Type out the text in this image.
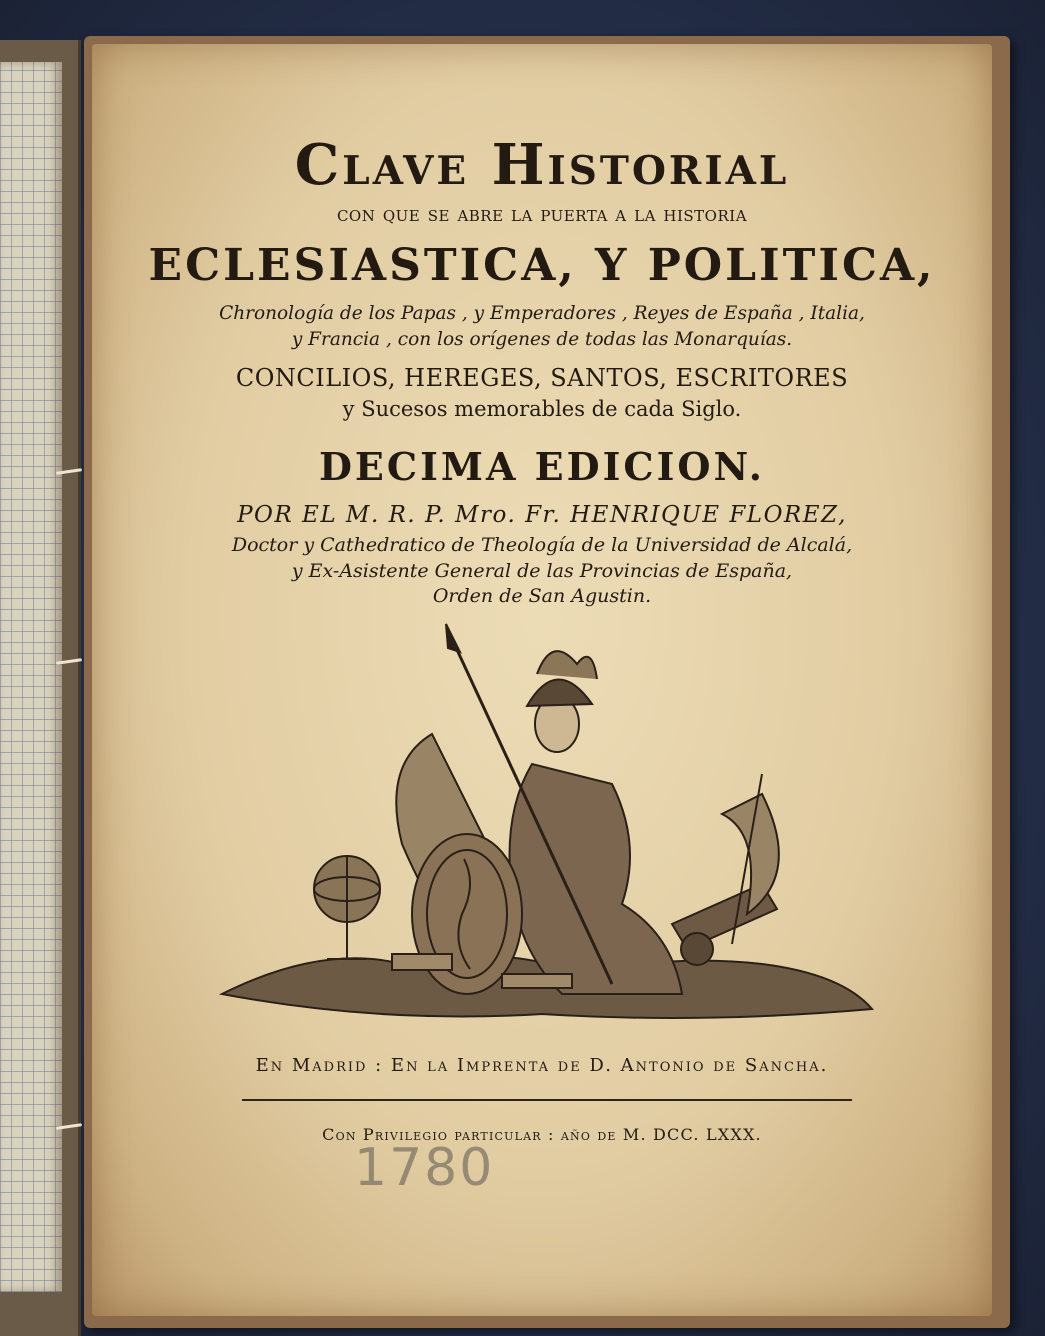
Clave Historial
con que se abre la puerta a la historia
ECLESIASTICA, Y POLITICA,
Chronología de los Papas , y Emperadores , Reyes de España , Italia,
y Francia , con los orígenes de todas las Monarquías.
CONCILIOS, HEREGES, SANTOS, ESCRITORES
y Sucesos memorables de cada Siglo.
DECIMA EDICION.
POR EL M. R. P. Mro. Fr. HENRIQUE FLOREZ,
Doctor y Cathedratico de Theología de la Universidad de Alcalá,
y Ex-Asistente General de las Provincias de España,
Orden de San Agustin.
En Madrid : En la Imprenta de D. Antonio de Sancha.
Con Privilegio particular : año de M. DCC. LXXX.
1780
